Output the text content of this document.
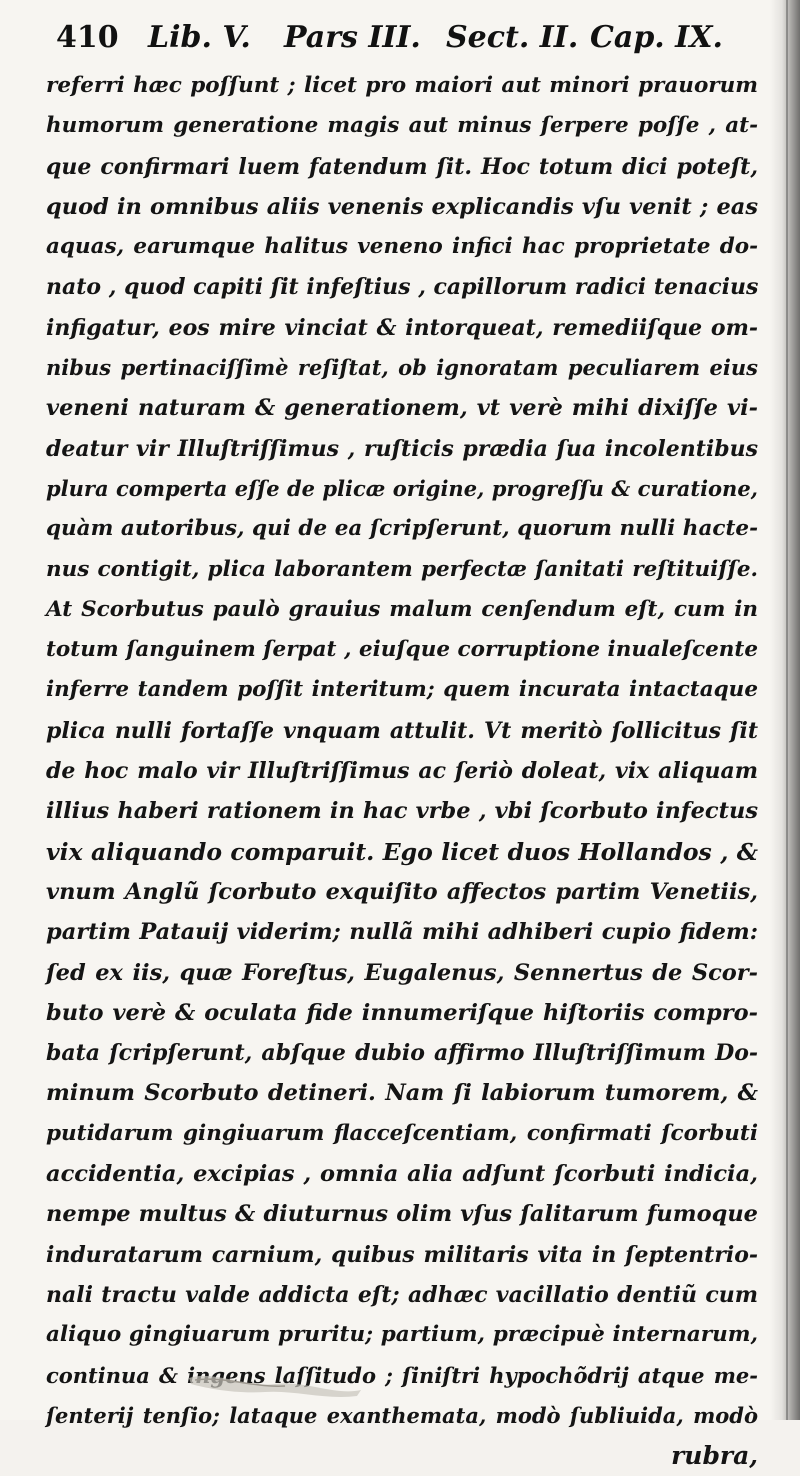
410 Lib. V. Pars III. Sect. II. Cap. IX.
referri hæc poſſunt ; licet pro maiori aut minori prauorum
humorum generatione magis aut minus ſerpere poſſe , at-
que confirmari luem fatendum ſit. Hoc totum dici poteſt,
quod in omnibus aliis venenis explicandis vſu venit ; eas
aquas, earumque halitus veneno infici hac proprietate do-
nato , quod capiti ſit infeſtius , capillorum radici tenacius
infigatur, eos mire vinciat & intorqueat, remediiſque om-
nibus pertinaciſſimè reſiſtat, ob ignoratam peculiarem eius
veneni naturam & generationem, vt verè mihi dixiſſe vi-
deatur vir Illuſtriſſimus , ruſticis prædia ſua incolentibus
plura comperta eſſe de plicæ origine, progreſſu & curatione,
quàm autoribus, qui de ea ſcripſerunt, quorum nulli hacte-
nus contigit, plica laborantem perfectæ ſanitati reſtituiſſe.
At Scorbutus paulò grauius malum cenſendum eſt, cum in
totum ſanguinem ſerpat , eiuſque corruptione inualeſcente
inferre tandem poſſit interitum; quem incurata intactaque
plica nulli fortaſſe vnquam attulit. Vt meritò ſollicitus ſit
de hoc malo vir Illuſtriſſimus ac ſeriò doleat, vix aliquam
illius haberi rationem in hac vrbe , vbi ſcorbuto infectus
vix aliquando comparuit. Ego licet duos Hollandos , &
vnum Anglũ ſcorbuto exquiſito affectos partim Venetiis,
partim Patauij viderim; nullã mihi adhiberi cupio fidem:
ſed ex iis, quæ Foreſtus, Eugalenus, Sennertus de Scor-
buto verè & oculata fide innumeriſque hiſtoriis compro-
bata ſcripſerunt, abſque dubio affirmo Illuſtriſſimum Do-
minum Scorbuto detineri. Nam ſi labiorum tumorem, &
putidarum gingiuarum flacceſcentiam, confirmati ſcorbuti
accidentia, excipias , omnia alia adſunt ſcorbuti indicia,
nempe multus & diuturnus olim vſus ſalitarum fumoque
induratarum carnium, quibus militaris vita in ſeptentrio-
nali tractu valde addicta eſt; adhæc vacillatio dentiũ cum
aliquo gingiuarum pruritu; partium, præcipuè internarum,
continua & ingens laſſitudo ; ſiniſtri hypochõdrij atque me-
ſenterij tenſio; lataque exanthemata, modò ſubliuida, modò
rubra,
